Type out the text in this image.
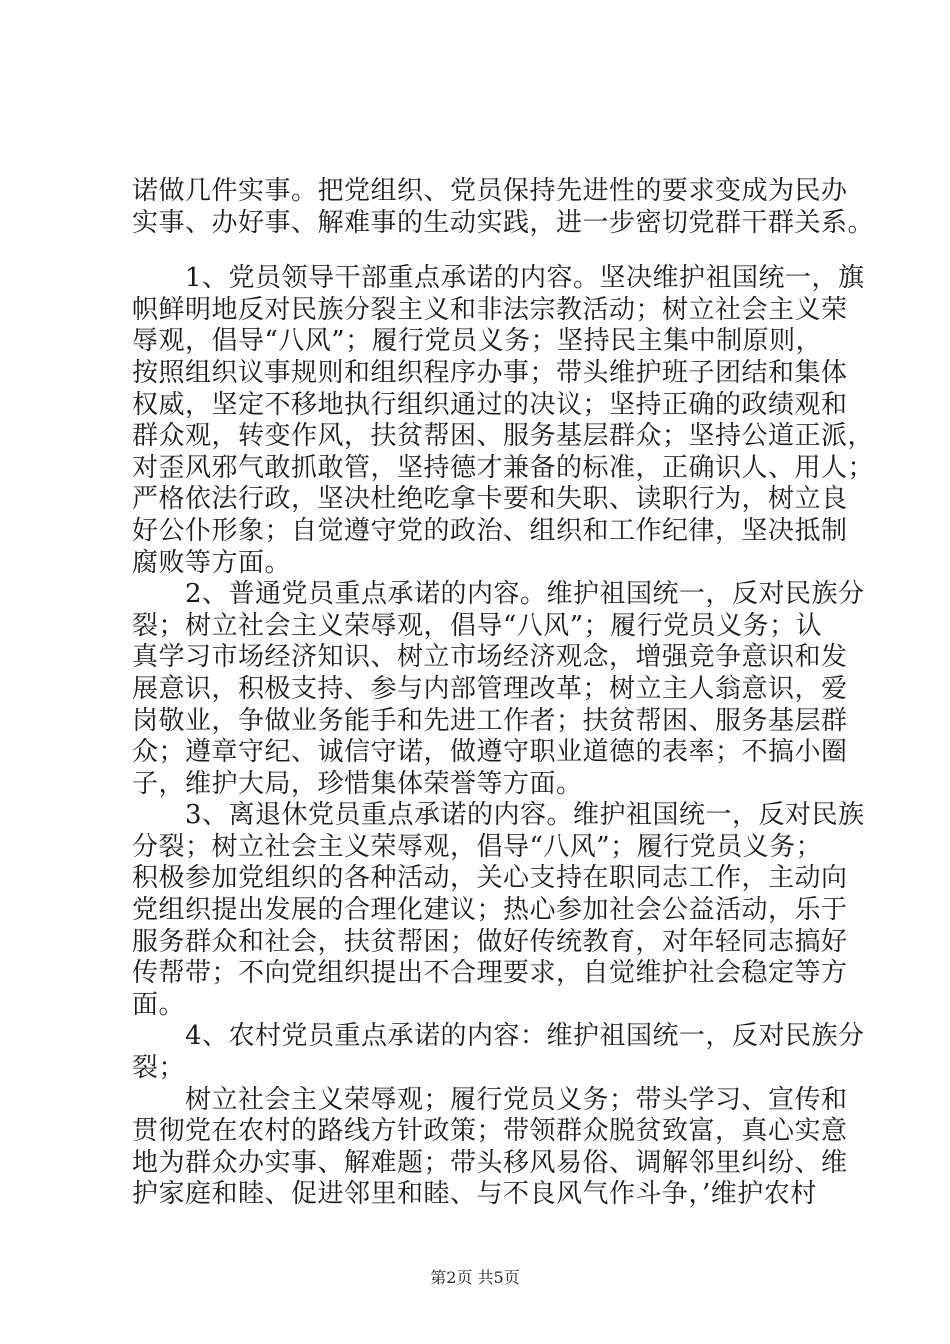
诺做几件实事。把党组织、党员保持先进性的要求变成为民办
实事、办好事、解难事的生动实践，进一步密切党群干群关系。

　　1、党员领导干部重点承诺的内容。坚决维护祖国统一，旗
帜鲜明地反对民族分裂主义和非法宗教活动；树立社会主义荣
辱观，倡导“八风”；履行党员义务；坚持民主集中制原则，
按照组织议事规则和组织程序办事；带头维护班子团结和集体
权威，坚定不移地执行组织通过的决议；坚持正确的政绩观和
群众观，转变作风，扶贫帮困、服务基层群众；坚持公道正派，
对歪风邪气敢抓敢管，坚持德才兼备的标准，正确识人、用人；
严格依法行政，坚决杜绝吃拿卡要和失职、读职行为，树立良
好公仆形象；自觉遵守党的政治、组织和工作纪律，坚决抵制
腐败等方面。

　　2、普通党员重点承诺的内容。维护祖国统一，反对民族分
裂；树立社会主义荣辱观，倡导“八风”；履行党员义务；认
真学习市场经济知识、树立市场经济观念，增强竞争意识和发
展意识，积极支持、参与内部管理改革；树立主人翁意识，爱
岗敬业，争做业务能手和先进工作者；扶贫帮困、服务基层群
众；遵章守纪、诚信守诺，做遵守职业道德的表率；不搞小圈
子，维护大局，珍惜集体荣誉等方面。

　　3、离退休党员重点承诺的内容。维护祖国统一，反对民族
分裂；树立社会主义荣辱观，倡导“八风”；履行党员义务；
积极参加党组织的各种活动，关心支持在职同志工作，主动向
党组织提出发展的合理化建议；热心参加社会公益活动，乐于
服务群众和社会，扶贫帮困；做好传统教育，对年轻同志搞好
传帮带；不向党组织提出不合理要求，自觉维护社会稳定等方
面。

　　4、农村党员重点承诺的内容：维护祖国统一，反对民族分
裂；

　　树立社会主义荣辱观；履行党员义务；带头学习、宣传和
贯彻党在农村的路线方针政策；带领群众脱贫致富，真心实意
地为群众办实事、解难题；带头移风易俗、调解邻里纠纷、维
护家庭和睦、促进邻里和睦、与不良风气作斗争，’维护农村

第2页 共5页
